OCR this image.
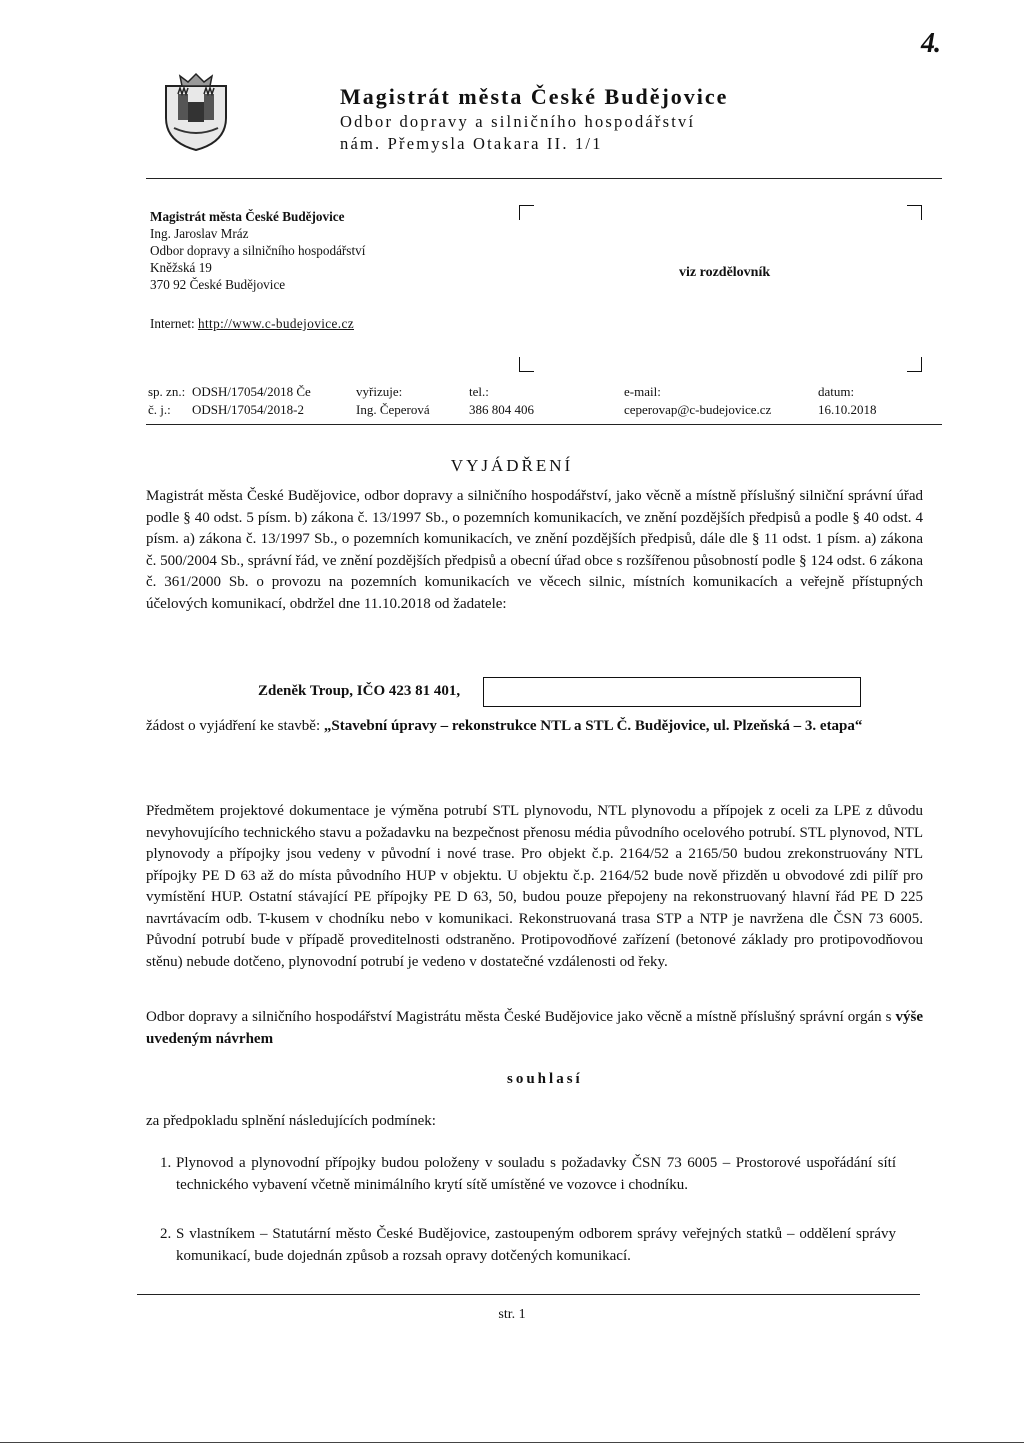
4.
Magistrát města České Budějovice
Odbor dopravy a silničního hospodářství
nám. Přemysla Otakara II. 1/1
Magistrát města České Budějovice
Ing. Jaroslav Mráz
Odbor dopravy a silničního hospodářství
Kněžská 19
370 92 České Budějovice
Internet: http://www.c-budejovice.cz
viz rozdělovník
sp. zn.: ODSH/17054/2018 Če
č. j.: ODSH/17054/2018-2
vyřizuje:
Ing. Čeperová
tel.:
386 804 406
e-mail:
ceperovap@c-budejovice.cz
datum:
16.10.2018
VYJÁDŘENÍ
Magistrát města České Budějovice, odbor dopravy a silničního hospodářství, jako věcně a místně příslušný silniční správní úřad podle § 40 odst. 5 písm. b) zákona č. 13/1997 Sb., o pozemních komunikacích, ve znění pozdějších předpisů a podle § 40 odst. 4 písm. a) zákona č. 13/1997 Sb., o pozemních komunikacích, ve znění pozdějších předpisů, dále dle § 11 odst. 1 písm. a) zákona č. 500/2004 Sb., správní řád, ve znění pozdějších předpisů a obecní úřad obce s rozšířenou působností podle § 124 odst. 6 zákona č. 361/2000 Sb. o provozu na pozemních komunikacích ve věcech silnic, místních komunikacích a veřejně přístupných účelových komunikací, obdržel dne 11.10.2018 od žadatele:
Zdeněk Troup, IČO 423 81 401,
žádost o vyjádření ke stavbě: „Stavební úpravy – rekonstrukce NTL a STL Č. Budějovice, ul. Plzeňská – 3. etapa“
Předmětem projektové dokumentace je výměna potrubí STL plynovodu, NTL plynovodu a přípojek z oceli za LPE z důvodu nevyhovujícího technického stavu a požadavku na bezpečnost přenosu média původního ocelového potrubí. STL plynovod, NTL plynovody a přípojky jsou vedeny v původní i nové trase. Pro objekt č.p. 2164/52 a 2165/50 budou zrekonstruovány NTL přípojky PE D 63 až do místa původního HUP v objektu. U objektu č.p. 2164/52 bude nově přizděn u obvodové zdi pilíř pro vymístění HUP. Ostatní stávající PE přípojky PE D 63, 50, budou pouze přepojeny na rekonstruovaný hlavní řád PE D 225 navrtávacím odb. T-kusem v chodníku nebo v komunikaci. Rekonstruovaná trasa STP a NTP je navržena dle ČSN 73 6005. Původní potrubí bude v případě proveditelnosti odstraněno. Protipovodňové zařízení (betonové základy pro protipovodňovou stěnu) nebude dotčeno, plynovodní potrubí je vedeno v dostatečné vzdálenosti od řeky.
Odbor dopravy a silničního hospodářství Magistrátu města České Budějovice jako věcně a místně příslušný správní orgán s výše uvedeným návrhem
souhlasí
za předpokladu splnění následujících podmínek:
1. Plynovod a plynovodní přípojky budou položeny v souladu s požadavky ČSN 73 6005 – Prostorové uspořádání sítí technického vybavení včetně minimálního krytí sítě umístěné ve vozovce i chodníku.
2. S vlastníkem – Statutární město České Budějovice, zastoupeným odborem správy veřejných statků – oddělení správy komunikací, bude dojednán způsob a rozsah opravy dotčených komunikací.
str. 1
